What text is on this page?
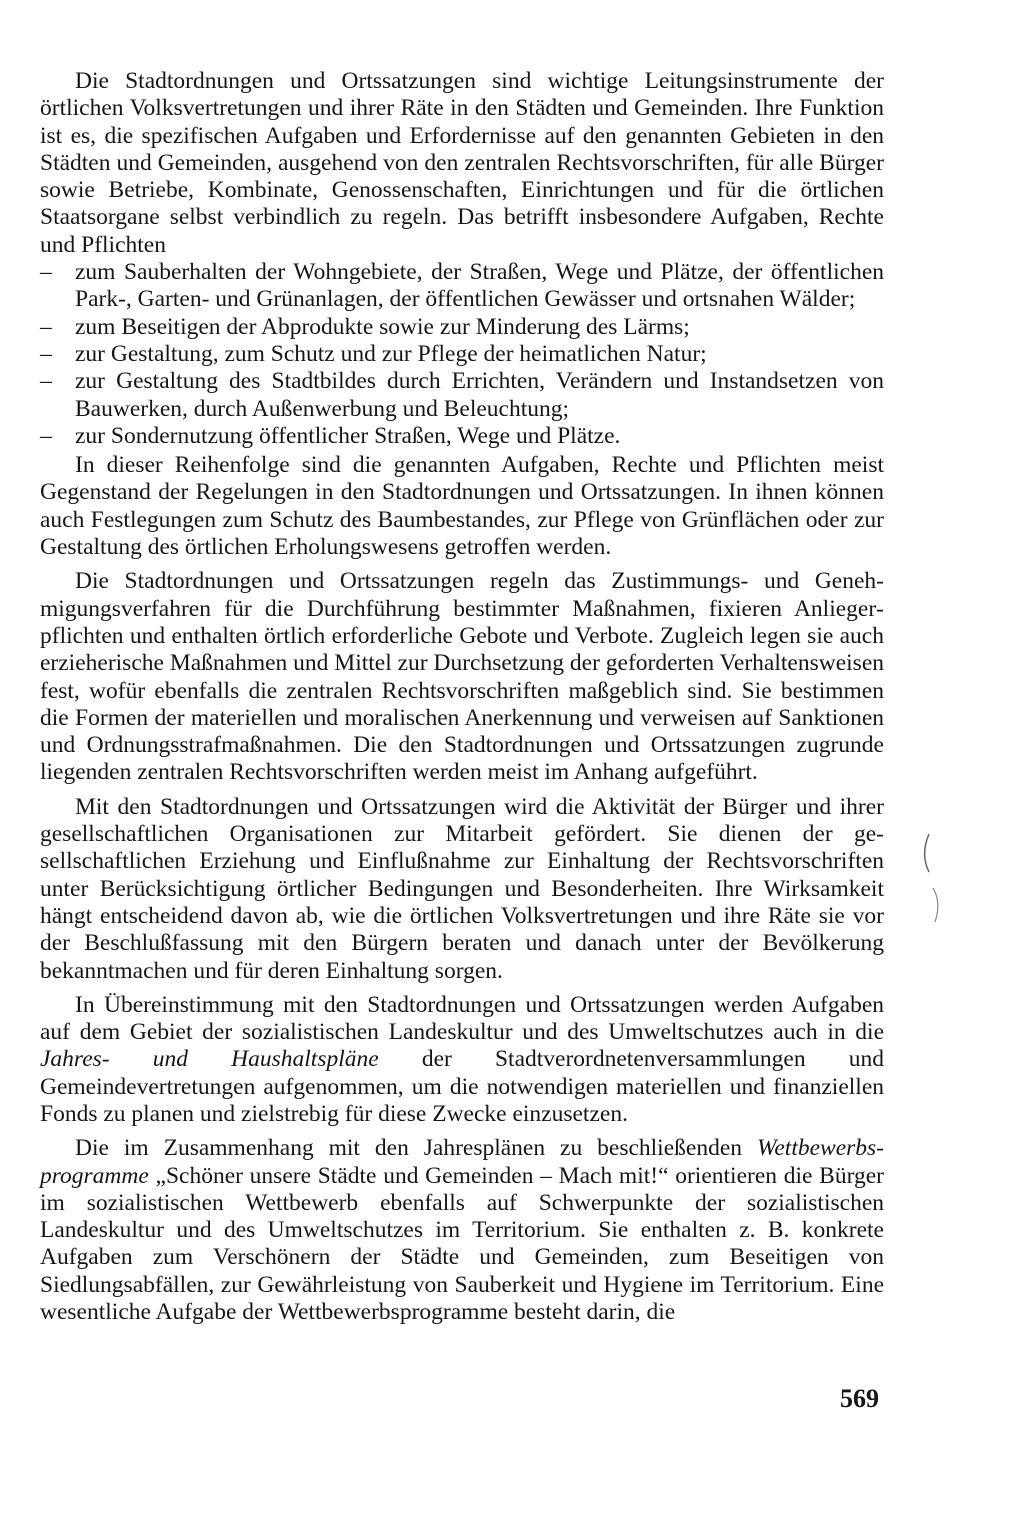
Die Stadtordnungen und Ortssatzungen sind wichtige Leitungsinstrumente der örtlichen Volksvertretungen und ihrer Räte in den Städten und Gemeinden. Ihre Funktion ist es, die spezifischen Aufgaben und Erfordernisse auf den genannten Gebieten in den Städten und Gemeinden, ausgehend von den zentralen Rechtsvorschriften, für alle Bürger sowie Betriebe, Kombinate, Genossenschaften, Einrichtungen und für die örtlichen Staatsorgane selbst verbindlich zu regeln. Das betrifft insbesondere Aufgaben, Rechte und Pflichten

– zum Sauberhalten der Wohngebiete, der Straßen, Wege und Plätze, der öffentlichen Park-, Garten- und Grünanlagen, der öffentlichen Gewässer und ortsnahen Wälder;
– zum Beseitigen der Abprodukte sowie zur Minderung des Lärms;
– zur Gestaltung, zum Schutz und zur Pflege der heimatlichen Natur;
– zur Gestaltung des Stadtbildes durch Errichten, Verändern und Instandsetzen von Bauwerken, durch Außenwerbung und Beleuchtung;
– zur Sondernutzung öffentlicher Straßen, Wege und Plätze.

In dieser Reihenfolge sind die genannten Aufgaben, Rechte und Pflichten meist Gegenstand der Regelungen in den Stadtordnungen und Ortssatzungen. In ihnen können auch Festlegungen zum Schutz des Baumbestandes, zur Pflege von Grünflächen oder zur Gestaltung des örtlichen Erholungswesens getroffen werden.

Die Stadtordnungen und Ortssatzungen regeln das Zustimmungs- und Genehmigungsverfahren für die Durchführung bestimmter Maßnahmen, fixieren Anliegerpflichten und enthalten örtlich erforderliche Gebote und Verbote. Zugleich legen sie auch erzieherische Maßnahmen und Mittel zur Durchsetzung der geforderten Verhaltensweisen fest, wofür ebenfalls die zentralen Rechtsvorschriften maßgeblich sind. Sie bestimmen die Formen der materiellen und moralischen Anerkennung und verweisen auf Sanktionen und Ordnungsstrafmaßnahmen. Die den Stadtordnungen und Ortssatzungen zugrunde liegenden zentralen Rechtsvorschriften werden meist im Anhang aufgeführt.

Mit den Stadtordnungen und Ortssatzungen wird die Aktivität der Bürger und ihrer gesellschaftlichen Organisationen zur Mitarbeit gefördert. Sie dienen der gesellschaftlichen Erziehung und Einflußnahme zur Einhaltung der Rechtsvorschriften unter Berücksichtigung örtlicher Bedingungen und Besonderheiten. Ihre Wirksamkeit hängt entscheidend davon ab, wie die örtlichen Volksvertretungen und ihre Räte sie vor der Beschlußfassung mit den Bürgern beraten und danach unter der Bevölkerung bekanntmachen und für deren Einhaltung sorgen.

In Übereinstimmung mit den Stadtordnungen und Ortssatzungen werden Aufgaben auf dem Gebiet der sozialistischen Landeskultur und des Umweltschutzes auch in die Jahres- und Haushaltspläne der Stadtverordnetenversammlungen und Gemeindevertretungen aufgenommen, um die notwendigen materiellen und finanziellen Fonds zu planen und zielstrebig für diese Zwecke einzusetzen.

Die im Zusammenhang mit den Jahresplänen zu beschließenden Wettbewerbsprogramme „Schöner unsere Städte und Gemeinden – Mach mit!“ orientieren die Bürger im sozialistischen Wettbewerb ebenfalls auf Schwerpunkte der sozialistischen Landeskultur und des Umweltschutzes im Territorium. Sie enthalten z. B. konkrete Aufgaben zum Verschönern der Städte und Gemeinden, zum Beseitigen von Siedlungsabfällen, zur Gewährleistung von Sauberkeit und Hygiene im Territorium. Eine wesentliche Aufgabe der Wettbewerbsprogramme besteht darin, die

569
